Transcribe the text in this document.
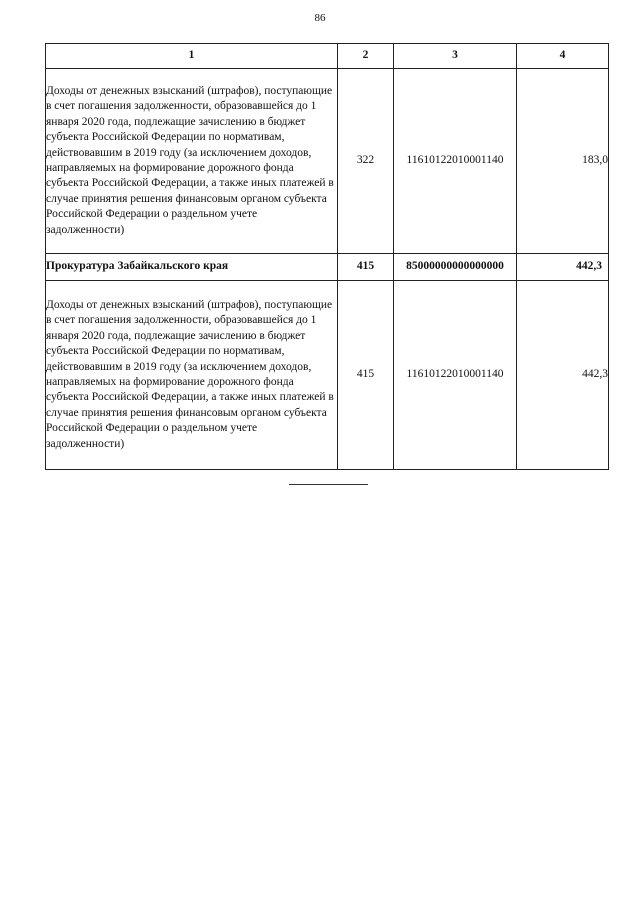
86
1	2	3	4
Доходы от денежных взысканий (штрафов), поступающие в счет погашения задолженности, образовавшейся до 1 января 2020 года, подлежащие зачислению в бюджет субъекта Российской Федерации по нормативам, действовавшим в 2019 году (за исключением доходов, направляемых на формирование дорожного фонда субъекта Российской Федерации, а также иных платежей в случае принятия решения финансовым органом субъекта Российской Федерации о раздельном учете задолженности)	322	11610122010001140	183,0
Прокуратура Забайкальского края	415	85000000000000000	442,3
Доходы от денежных взысканий (штрафов), поступающие в счет погашения задолженности, образовавшейся до 1 января 2020 года, подлежащие зачислению в бюджет субъекта Российской Федерации по нормативам, действовавшим в 2019 году (за исключением доходов, направляемых на формирование дорожного фонда субъекта Российской Федерации, а также иных платежей в случае принятия решения финансовым органом субъекта Российской Федерации о раздельном учете задолженности)	415	11610122010001140	442,3
